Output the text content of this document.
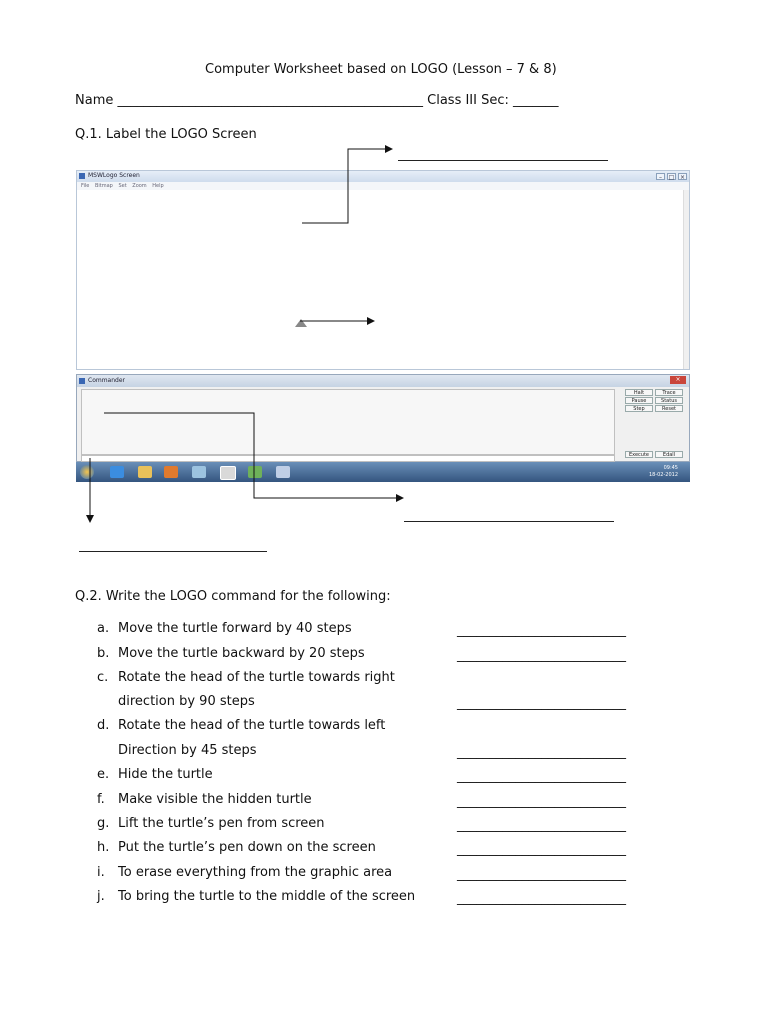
Computer Worksheet based on LOGO (Lesson – 7 & 8)
Name _______________________________________________ Class III Sec: _______
Q.1. Label the LOGO Screen
MSWLogo Screen	–	□ ×
File Bitmap Set Zoom Help
Commander	×
Halt	Trace
Pause	Status
Step	Reset
Execute	Edall
09:45
18-02-2012
Q.2. Write the LOGO command for the following:
a. Move the turtle forward by 40 steps	__________________________
b. Move the turtle backward by 20 steps	__________________________
c. Rotate the head of the turtle towards right
direction by 90 steps	__________________________
d. Rotate the head of the turtle towards left
Direction by 45 steps	__________________________
e. Hide the turtle	__________________________
f. Make visible the hidden turtle	__________________________
g. Lift the turtle’s pen from screen	__________________________
h. Put the turtle’s pen down on the screen	__________________________
i. To erase everything from the graphic area	__________________________
j. To bring the turtle to the middle of the screen	__________________________
